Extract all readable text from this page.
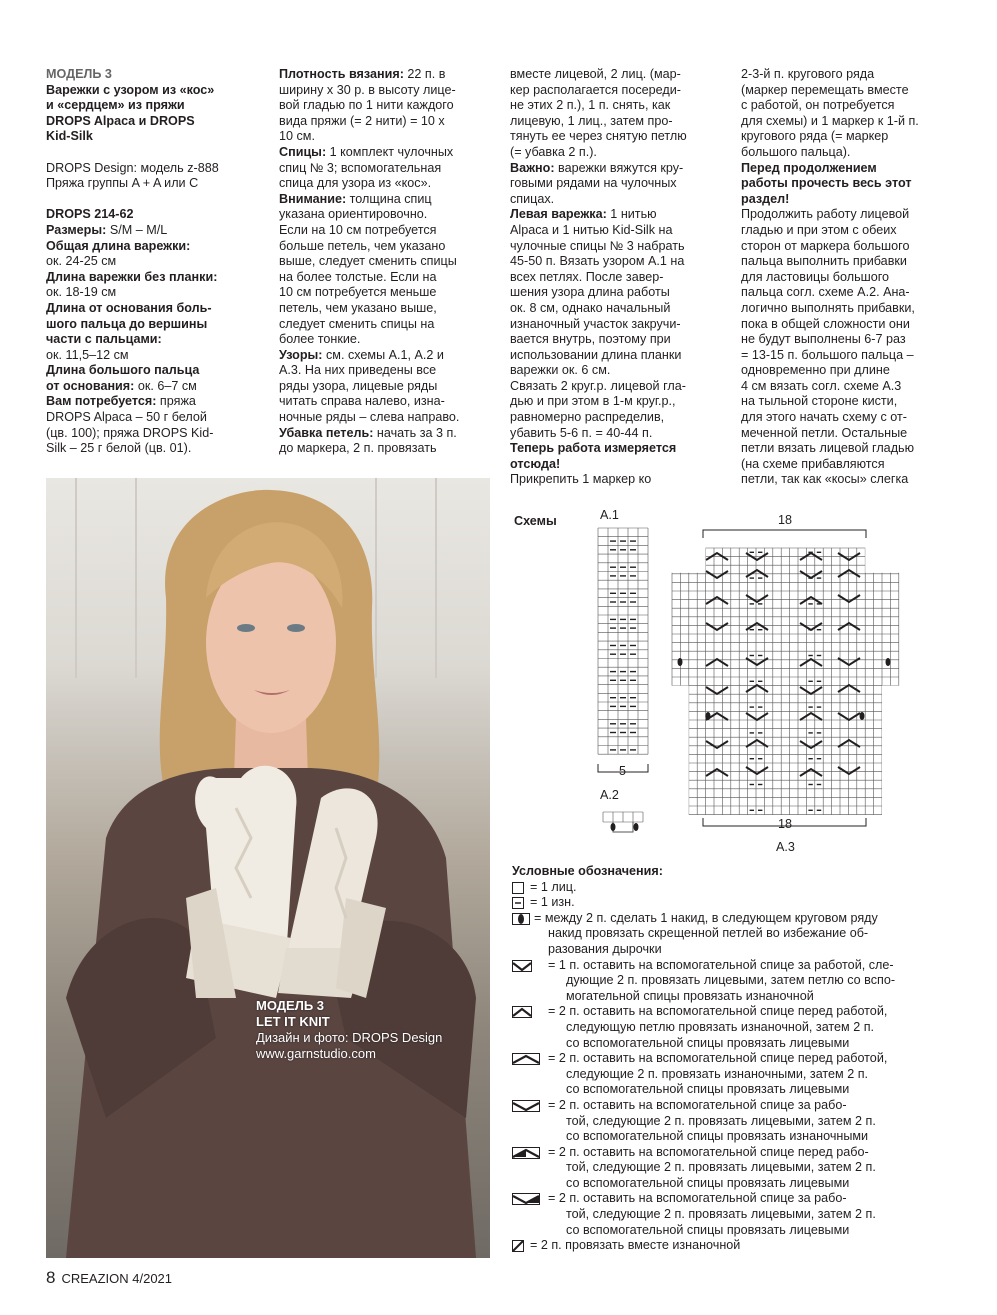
МОДЕЛЬ 3

Варежки с узором из «кос»

и «сердцем» из пряжи

DROPS Alpaca и DROPS

Kid-Silk

DROPS Design: модель z-888

Пряжа группы A + A или C

DROPS 214-62

Размеры: S/M – M/L

Общая длина варежки:

ок. 24-25 см

Длина варежки без планки:

ок. 18-19 см

Длина от основания боль-

шого пальца до вершины

части с пальцами:

ок. 11,5–12 см

Длина большого пальца

от основания: ок. 6–7 см

Вам потребуется: пряжа

DROPS Alpaca – 50 г белой

(цв. 100); пряжа DROPS Kid-

Silk – 25 г белой (цв. 01).

Плотность вязания: 22 п. в

ширину х 30 р. в высоту лице-

вой гладью по 1 нити каждого

вида пряжи (= 2 нити) = 10 х

10 см.

Спицы: 1 комплект чулочных

спиц № 3; вспомогательная

спица для узора из «кос».

Внимание: толщина спиц

указана ориентировочно.

Если на 10 см потребуется

больше петель, чем указано

выше, следует сменить спицы

на более толстые. Если на

10 см потребуется меньше

петель, чем указано выше,

следует сменить спицы на

более тонкие.

Узоры: см. схемы А.1, А.2 и

А.3. На них приведены все

ряды узора, лицевые ряды

читать справа налево, изна-

ночные ряды – слева направо.

Убавка петель: начать за 3 п.

до маркера, 2 п. провязать

вместе лицевой, 2 лиц. (мар-

кер располагается посереди-

не этих 2 п.), 1 п. снять, как

лицевую, 1 лиц., затем про-

тянуть ее через снятую петлю

(= убавка 2 п.).

Важно: варежки вяжутся кру-

говыми рядами на чулочных

спицах.

Левая варежка: 1 нитью

Alpaca и 1 нитью Kid-Silk на

чулочные спицы № 3 набрать

45-50 п. Вязать узором А.1 на

всех петлях. После завер-

шения узора длина работы

ок. 8 см, однако начальный

изнаночный участок закручи-

вается внутрь, поэтому при

использовании длина планки

варежки ок. 6 см.

Связать 2 круг.р. лицевой гла-

дью и при этом в 1-м круг.р.,

равномерно распределив,

убавить 5-6 п. = 40-44 п.

Теперь работа измеряется

отсюда!

Прикрепить 1 маркер ко

2-3-й п. кругового ряда

(маркер перемещать вместе

с работой, он потребуется

для схемы) и 1 маркер к 1-й п.

кругового ряда (= маркер

большого пальца).

Перед продолжением

работы прочесть весь этот

раздел!

Продолжить работу лицевой

гладью и при этом с обеих

сторон от маркера большого

пальца выполнить прибавки

для ластовицы большого

пальца согл. схеме А.2. Ана-

логично выполнять прибавки,

пока в общей сложности они

не будут выполнены 6-7 раз

= 13-15 п. большого пальца –

одновременно при длине

4 см вязать согл. схеме А.3

на тыльной стороне кисти,

для этого начать схему с от-

меченной петли. Остальные

петли вязать лицевой гладью

(на схеме прибавляются

петли, так как «косы» слегка

МОДЕЛЬ 3
LET IT KNIT
Дизайн и фото: DROPS Design
www.garnstudio.com
Схемы	А.1
5
А.2
18
18
А.3
Условные обозначения:
= 1 лиц.
= 1 изн.
= между 2 п. сделать 1 накид, в следующем круговом ряду
накид провязать скрещенной петлей во избежание об-
разования дырочки
= 1 п. оставить на вспомогательной спице за работой, сле-
дующие 2 п. провязать лицевыми, затем петлю со вспо-
могательной спицы провязать изнаночной
= 2 п. оставить на вспомогательной спице перед работой,
следующую петлю провязать изнаночной, затем 2 п.
со вспомогательной спицы провязать лицевыми
= 2 п. оставить на вспомогательной спице перед работой,
следующие 2 п. провязать изнаночными, затем 2 п.
со вспомогательной спицы провязать лицевыми
= 2 п. оставить на вспомогательной спице за рабо-
той, следующие 2 п. провязать лицевыми, затем 2 п.
со вспомогательной спицы провязать изнаночными
= 2 п. оставить на вспомогательной спице перед рабо-
той, следующие 2 п. провязать лицевыми, затем 2 п.
со вспомогательной спицы провязать лицевыми
= 2 п. оставить на вспомогательной спице за рабо-
той, следующие 2 п. провязать лицевыми, затем 2 п.
со вспомогательной спицы провязать лицевыми
= 2 п. провязать вместе изнаночной
8 CREAZION 4/2021
